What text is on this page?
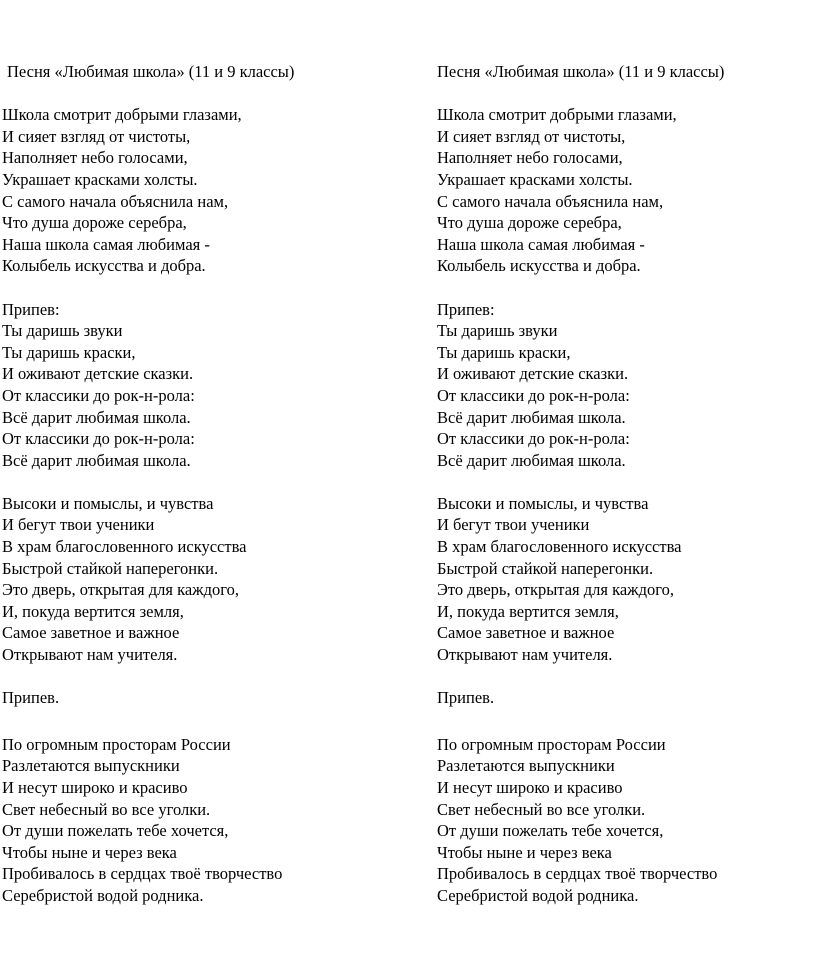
Песня «Любимая школа» (11 и 9 классы)
Школа смотрит добрыми глазами,
И сияет взгляд от чистоты,
Наполняет небо голосами,
Украшает красками холсты.
С самого начала объяснила нам,
Что душа дороже серебра,
Наша школа самая любимая -
Колыбель искусства и добра.
Припев:
Ты даришь звуки
Ты даришь краски,
И оживают детские сказки.
От классики до рок-н-рола:
Всё дарит любимая школа.
От классики до рок-н-рола:
Всё дарит любимая школа.
Высоки и помыслы, и чувства
И бегут твои ученики
В храм благословенного искусства
Быстрой стайкой наперегонки.
Это дверь, открытая для каждого,
И, покуда вертится земля,
Самое заветное и важное
Открывают нам учителя.
Припев.
По огромным просторам России
Разлетаются выпускники
И несут широко и красиво
Свет небесный во все уголки.
От души пожелать тебе хочется,
Чтобы ныне и через века
Пробивалось в сердцах твоё творчество
Серебристой водой родника.
Песня «Любимая школа» (11 и 9 классы)
Школа смотрит добрыми глазами,
И сияет взгляд от чистоты,
Наполняет небо голосами,
Украшает красками холсты.
С самого начала объяснила нам,
Что душа дороже серебра,
Наша школа самая любимая -
Колыбель искусства и добра.
Припев:
Ты даришь звуки
Ты даришь краски,
И оживают детские сказки.
От классики до рок-н-рола:
Всё дарит любимая школа.
От классики до рок-н-рола:
Всё дарит любимая школа.
Высоки и помыслы, и чувства
И бегут твои ученики
В храм благословенного искусства
Быстрой стайкой наперегонки.
Это дверь, открытая для каждого,
И, покуда вертится земля,
Самое заветное и важное
Открывают нам учителя.
Припев.
По огромным просторам России
Разлетаются выпускники
И несут широко и красиво
Свет небесный во все уголки.
От души пожелать тебе хочется,
Чтобы ныне и через века
Пробивалось в сердцах твоё творчество
Серебристой водой родника.
